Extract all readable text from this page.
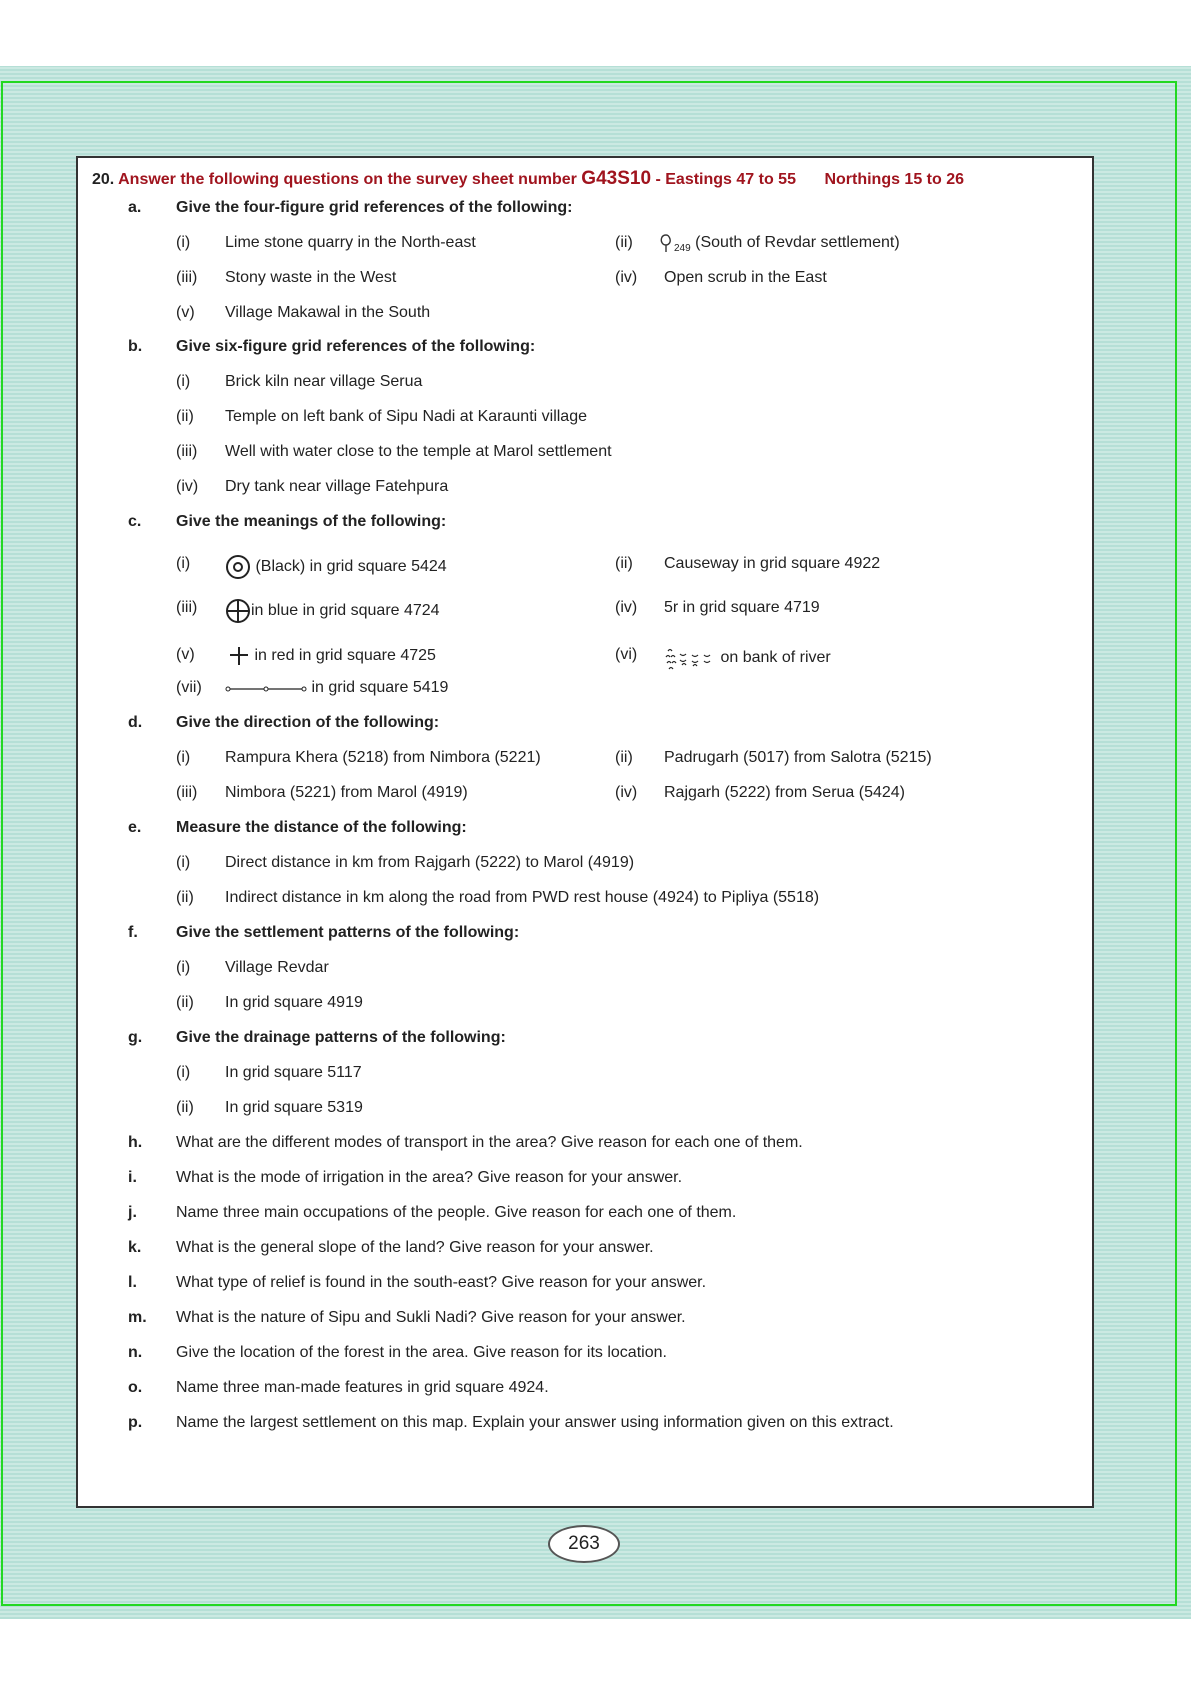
20. Answer the following questions on the survey sheet number G43S10 - Eastings 47 to 55 Northings 15 to 26
a.	Give the four-figure grid references of the following:
(i) Lime stone quarry in the North-east	(ii)	$_{249}$ (South of Revdar settlement)
(iii) Stony waste in the West	(iv) Open scrub in the East
(v) Village Makawal in the South
b.	Give six-figure grid references of the following:
(i) Brick kiln near village Serua
(ii) Temple on left bank of Sipu Nadi at Karaunti village
(iii) Well with water close to the temple at Marol settlement
(iv) Dry tank near village Fatehpura
c.	Give the meanings of the following:
(i)	(Black) in grid square 5424	(ii) Causeway in grid square 4922
(iii)	in blue in grid square 4724	(iv) 5r in grid square 4719
(v)	in red in grid square 4725	(vi)	on bank of river
(vii)	in grid square 5419
d.	Give the direction of the following:
(i) Rampura Khera (5218) from Nimbora (5221)	(ii) Padrugarh (5017) from Salotra (5215)
(iii) Nimbora (5221) from Marol (4919)	(iv) Rajgarh (5222) from Serua (5424)
e.	Measure the distance of the following:
(i) Direct distance in km from Rajgarh (5222) to Marol (4919)
(ii) Indirect distance in km along the road from PWD rest house (4924) to Pipliya (5518)
f.	Give the settlement patterns of the following:
(i) Village Revdar
(ii) In grid square 4919
g.	Give the drainage patterns of the following:
(i) In grid square 5117
(ii) In grid square 5319
h.	What are the different modes of transport in the area? Give reason for each one of them.
i.	What is the mode of irrigation in the area? Give reason for your answer.
j.	Name three main occupations of the people. Give reason for each one of them.
k.	What is the general slope of the land? Give reason for your answer.
l.	What type of relief is found in the south-east? Give reason for your answer.
m.	What is the nature of Sipu and Sukli Nadi? Give reason for your answer.
n.	Give the location of the forest in the area. Give reason for its location.
o.	Name three man-made features in grid square 4924.
p.	Name the largest settlement on this map. Explain your answer using information given on this extract.
263
